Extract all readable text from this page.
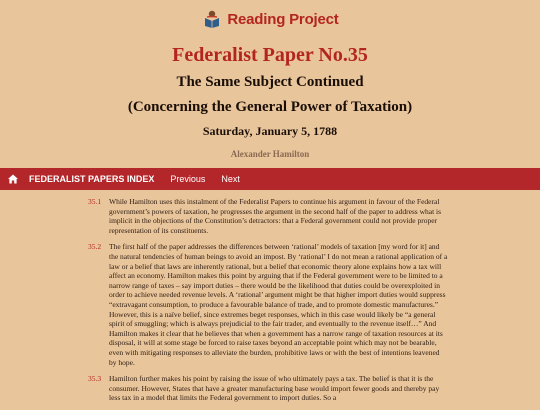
Reading Project
Federalist Paper No.35
The Same Subject Continued
(Concerning the General Power of Taxation)
Saturday, January 5, 1788
Alexander Hamilton
FEDERALIST PAPERS INDEX Previous Next
35.1	While Hamilton uses this instalment of the Federalist Papers to continue his argument in favour of the Federal government’s powers of taxation, he progresses the argument in the second half of the paper to address what is implicit in the objections of the Constitution’s detractors: that a Federal government could not provide proper representation of its constituents.
35.2	The first half of the paper addresses the differences between ‘rational’ models of taxation [my word for it] and the natural tendencies of human beings to avoid an impost. By ‘rational’ I do not mean a rational application of a law or a belief that laws are inherently rational, but a belief that economic theory alone explains how a tax will affect an economy. Hamilton makes this point by arguing that if the Federal government were to be limited to a narrow range of taxes – say import duties – there would be the likelihood that duties could be overexploited in order to achieve needed revenue levels. A ‘rational’ argument might be that higher import duties would suppress “extravagant consumption, to produce a favourable balance of trade, and to promote domestic manufactures.” However, this is a naïve belief, since extremes beget responses, which in this case would likely be “a general spirit of smuggling; which is always prejudicial to the fair trader, and eventually to the revenue itself…” And Hamilton makes it clear that he believes that when a government has a narrow range of taxation resources at its disposal, it will at some stage be forced to raise taxes beyond an acceptable point which may not be bearable, even with mitigating responses to alleviate the burden, prohibitive laws or with the best of intentions leavened by hope.
35.3	Hamilton further makes his point by raising the issue of who ultimately pays a tax. The belief is that it is the consumer. However, States that have a greater manufacturing base would import fewer goods and thereby pay less tax in a model that limits the Federal government to import duties. So a
